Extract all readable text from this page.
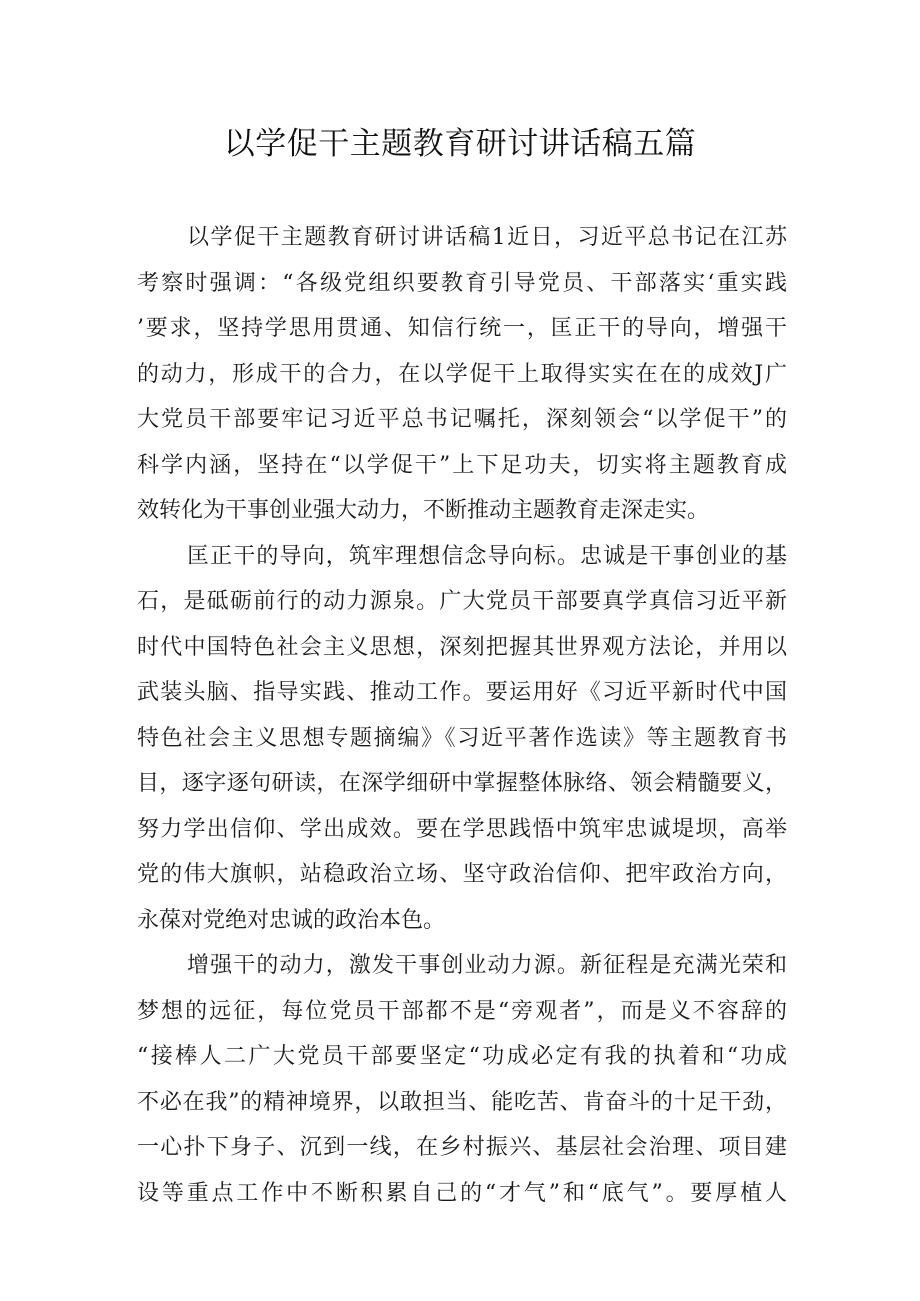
以学促干主题教育研讨讲话稿五篇
以学促干主题教育研讨讲话稿1近日，习近平总书记在江苏
考察时强调：“各级党组织要教育引导党员、干部落实‘重实践
’要求，坚持学思用贯通、知信行统一，匡正干的导向，增强干
的动力，形成干的合力，在以学促干上取得实实在在的成效J广
大党员干部要牢记习近平总书记嘱托，深刻领会“以学促干”的
科学内涵，坚持在“以学促干”上下足功夫，切实将主题教育成
效转化为干事创业强大动力，不断推动主题教育走深走实。
匡正干的导向，筑牢理想信念导向标。忠诚是干事创业的基
石，是砥砺前行的动力源泉。广大党员干部要真学真信习近平新
时代中国特色社会主义思想，深刻把握其世界观方法论，并用以
武装头脑、指导实践、推动工作。要运用好《习近平新时代中国
特色社会主义思想专题摘编》《习近平著作选读》等主题教育书
目，逐字逐句研读，在深学细研中掌握整体脉络、领会精髓要义，
努力学出信仰、学出成效。要在学思践悟中筑牢忠诚堤坝，高举
党的伟大旗帜，站稳政治立场、坚守政治信仰、把牢政治方向，
永葆对党绝对忠诚的政治本色。
增强干的动力，激发干事创业动力源。新征程是充满光荣和
梦想的远征，每位党员干部都不是“旁观者”，而是义不容辞的
“接棒人二广大党员干部要坚定“功成必定有我的执着和“功成
不必在我”的精神境界，以敢担当、能吃苦、肯奋斗的十足干劲，
一心扑下身子、沉到一线，在乡村振兴、基层社会治理、项目建
设等重点工作中不断积累自己的“才气”和“底气”。要厚植人
